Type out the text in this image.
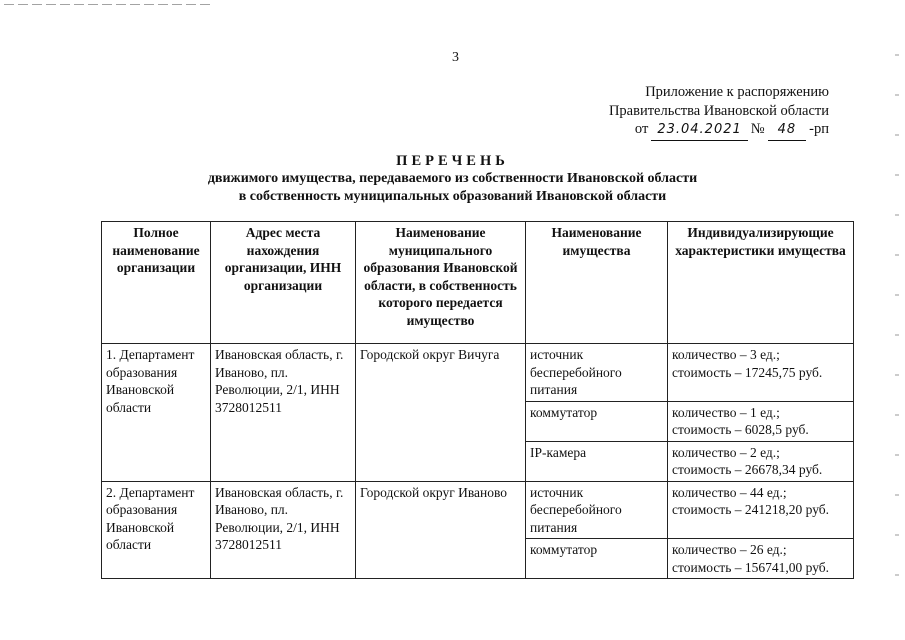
3
Приложение к распоряжению
Правительства Ивановской области
от 23.04.2021 №	48 -рп
ПЕРЕЧЕНЬ
движимого имущества, передаваемого из собственности Ивановской области
в собственность муниципальных образований Ивановской области
Полное наименование организации	Адрес места нахождения организации, ИНН организации	Наименование муниципального образования Ивановской области, в собственность которого передается имущество	Наименование имущества	Индивидуализирующие характеристики имущества
1. Департамент образования Ивановской области	Ивановская область, г. Иваново, пл. Революции, 2/1, ИНН 3728012511	Городской округ Вичуга	источник бесперебойного питания	количество – 3 ед.;
стоимость – 17245,75 руб.

			коммутатор	количество – 1 ед.;
стоимость – 6028,5 руб.

			IP-камера	количество – 2 ед.;
стоимость – 26678,34 руб.

2. Департамент образования Ивановской области	Ивановская область, г. Иваново, пл. Революции, 2/1, ИНН 3728012511	Городской округ Иваново	источник бесперебойного питания	количество – 44 ед.;
стоимость – 241218,20 руб.

			коммутатор	количество – 26 ед.;
стоимость – 156741,00 руб.
